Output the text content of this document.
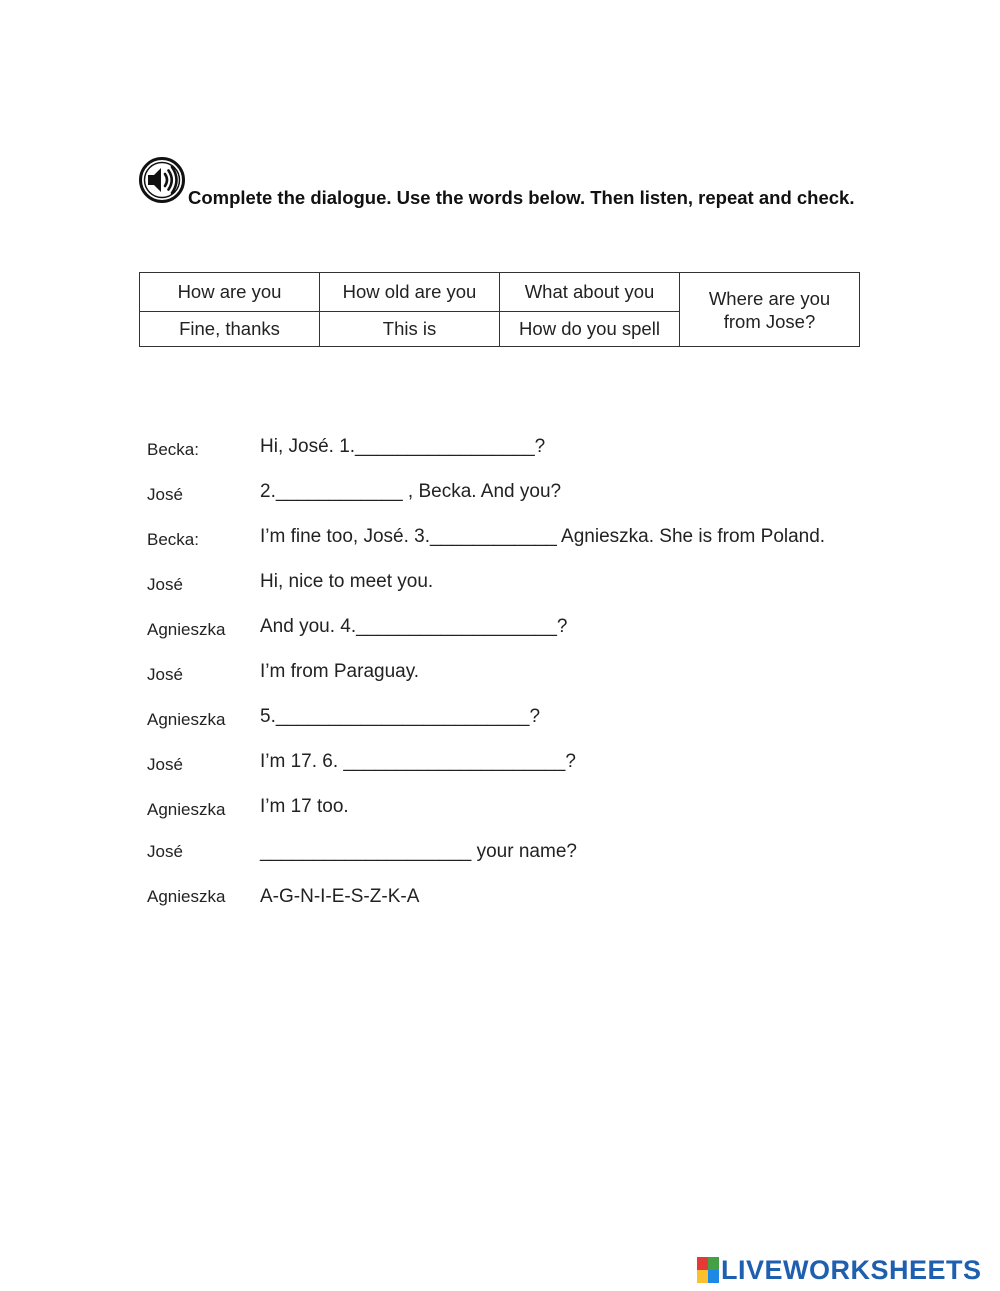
Complete the dialogue. Use the words below. Then listen, repeat and check.
How are you	How old are you	What about you	Where are you from Jose?
Fine, thanks	This is	How do you spell	
Becka:	Hi, José. 1._________________?
José	2.____________ , Becka. And you?
Becka:	I’m fine too, José. 3.____________ Agnieszka. She is from Poland.
José	Hi, nice to meet you.
Agnieszka And you. 4.___________________?
José	I’m from Paraguay.
Agnieszka 5.________________________?
José	I’m 17. 6. _____________________?
Agnieszka I’m 17 too.
José	____________________ your name?
Agnieszka A-G-N-I-E-S-Z-K-A
LIVEWORKSHEETS
